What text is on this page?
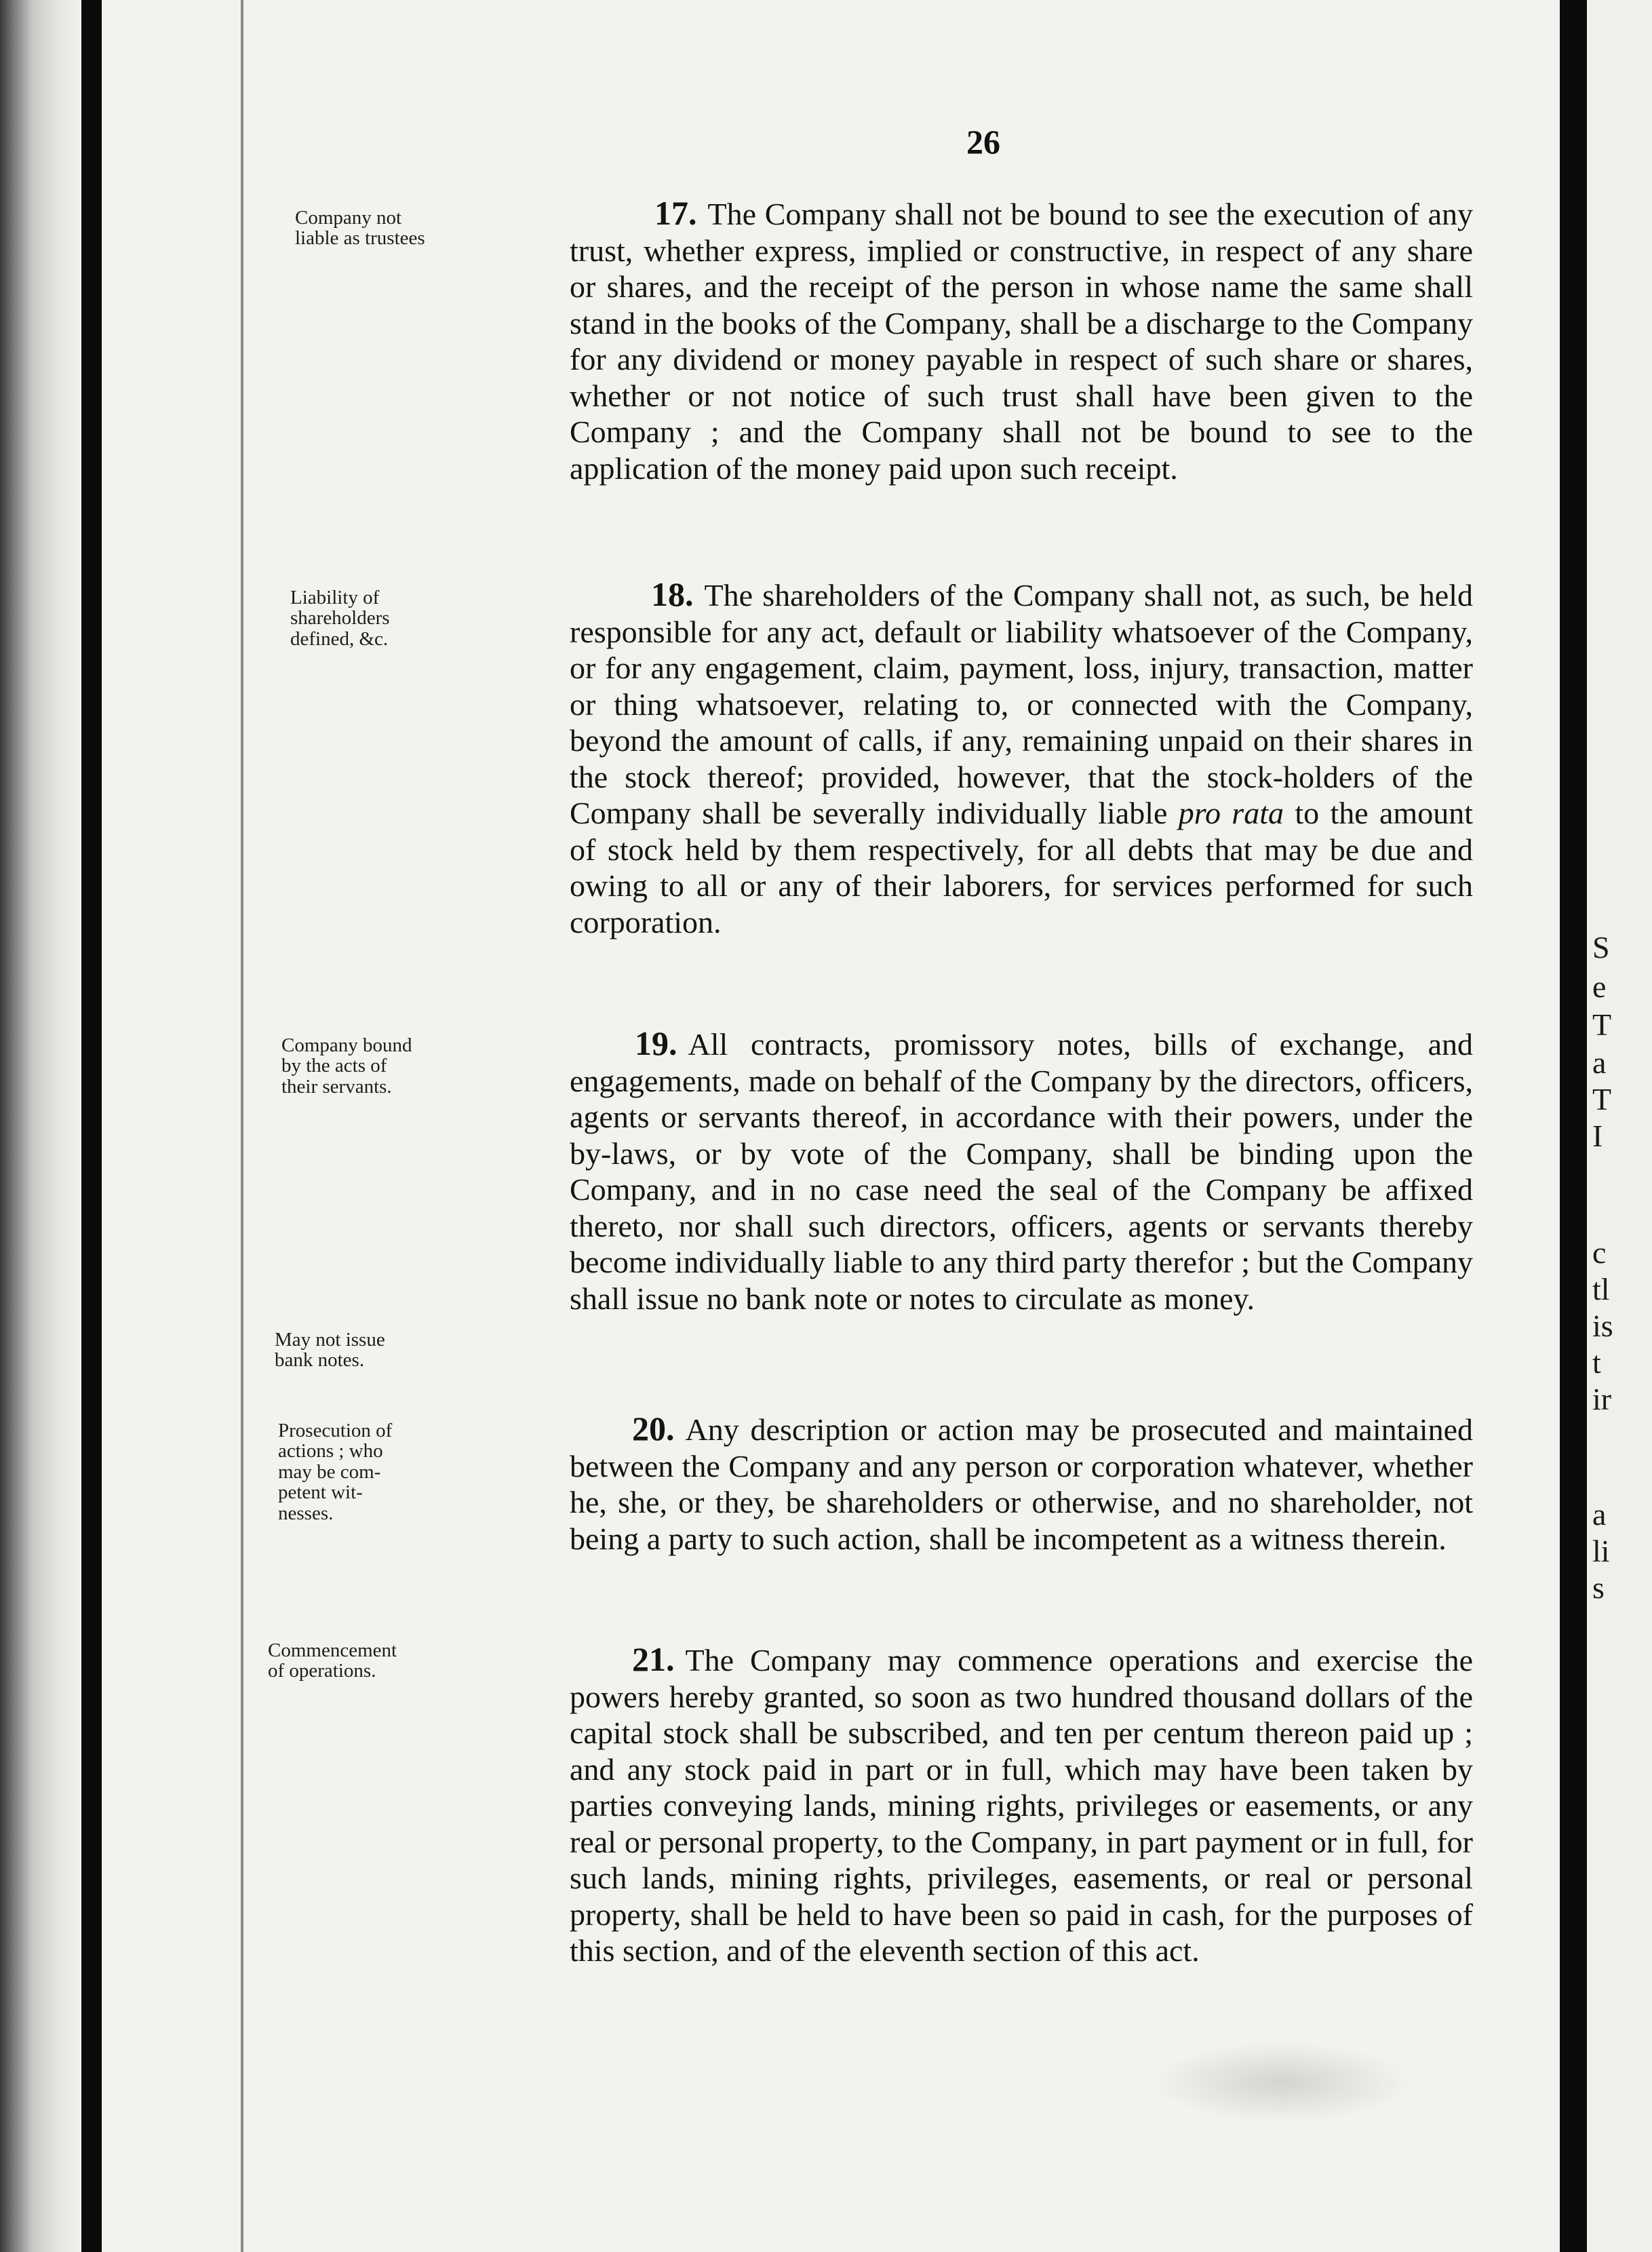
26

Company not
liable as trustees

17. The Company shall not be bound to see the execution of any trust, whether express, implied or constructive, in respect of any share or shares, and the receipt of the person in whose name the same shall stand in the books of the Company, shall be a discharge to the Company for any dividend or money payable in respect of such share or shares, whether or not notice of such trust shall have been given to the Company ; and the Company shall not be bound to see to the application of the money paid upon such receipt.

Liability of
shareholders
defined, &c.

18. The shareholders of the Company shall not, as such, be held responsible for any act, default or liability whatsoever of the Company, or for any engagement, claim, payment, loss, injury, transaction, matter or thing whatsoever, relating to, or connected with the Company, beyond the amount of calls, if any, remaining unpaid on their shares in the stock thereof; provided, however, that the stock-holders of the Company shall be severally individually liable pro rata to the amount of stock held by them respectively, for all debts that may be due and owing to all or any of their laborers, for services performed for such corporation.

Company bound
by the acts of
their servants.
May not issue
bank notes.

19. All contracts, promissory notes, bills of exchange, and engagements, made on behalf of the Company by the directors, officers, agents or servants thereof, in accordance with their powers, under the by-laws, or by vote of the Company, shall be binding upon the Company, and in no case need the seal of the Company be affixed thereto, nor shall such directors, officers, agents or servants thereby become individually liable to any third party therefor ; but the Company shall issue no bank note or notes to circulate as money.

Prosecution of
actions ; who
may be com-
petent wit-
nesses.

20. Any description or action may be prosecuted and maintained between the Company and any person or corporation whatever, whether he, she, or they, be shareholders or otherwise, and no shareholder, not being a party to such action, shall be incompetent as a witness therein.

Commencement
of operations.	21. The Company may commence operations and exercise the powers hereby granted, so soon as two hundred thousand dollars of the capital stock shall be subscribed, and ten per centum thereon paid up ; and any stock paid in part or in full, which may have been taken by parties conveying lands, mining rights, privileges or easements, or any real or personal property, to the Company, in part payment or in full, for such lands, mining rights, privileges, easements, or real or personal property, shall be held to have been so paid in cash, for the purposes of this section, and of the eleventh section of this act.

S

e

T

a

T

I

c

tl

is

t

ir

a

li

s
